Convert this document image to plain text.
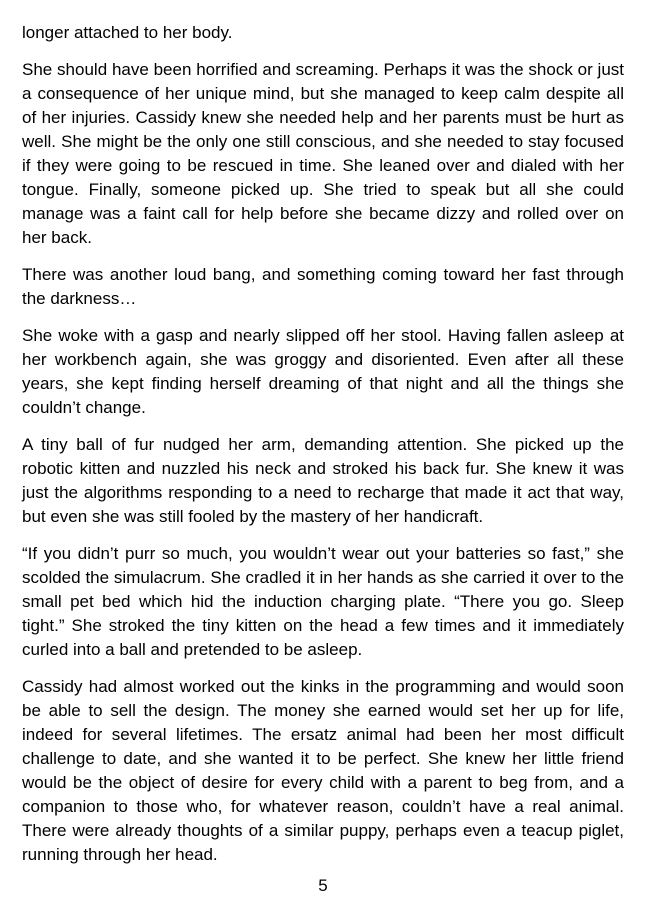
longer attached to her body.

She should have been horrified and screaming. Perhaps it was the shock or just a consequence of her unique mind, but she managed to keep calm despite all of her injuries. Cassidy knew she needed help and her parents must be hurt as well. She might be the only one still conscious, and she needed to stay focused if they were going to be rescued in time. She leaned over and dialed with her tongue. Finally, someone picked up. She tried to speak but all she could manage was a faint call for help before she became dizzy and rolled over on her back.

There was another loud bang, and something coming toward her fast through the darkness…

She woke with a gasp and nearly slipped off her stool. Having fallen asleep at her workbench again, she was groggy and disoriented. Even after all these years, she kept finding herself dreaming of that night and all the things she couldn’t change.

A tiny ball of fur nudged her arm, demanding attention. She picked up the robotic kitten and nuzzled his neck and stroked his back fur. She knew it was just the algorithms responding to a need to recharge that made it act that way, but even she was still fooled by the mastery of her handicraft.

“If you didn’t purr so much, you wouldn’t wear out your batteries so fast,” she scolded the simulacrum. She cradled it in her hands as she carried it over to the small pet bed which hid the induction charging plate. “There you go. Sleep tight.” She stroked the tiny kitten on the head a few times and it immediately curled into a ball and pretended to be asleep.

Cassidy had almost worked out the kinks in the programming and would soon be able to sell the design. The money she earned would set her up for life, indeed for several lifetimes. The ersatz animal had been her most difficult challenge to date, and she wanted it to be perfect. She knew her little friend would be the object of desire for every child with a parent to beg from, and a companion to those who, for whatever reason, couldn’t have a real animal. There were already thoughts of a similar puppy, perhaps even a teacup piglet, running through her head.

5
